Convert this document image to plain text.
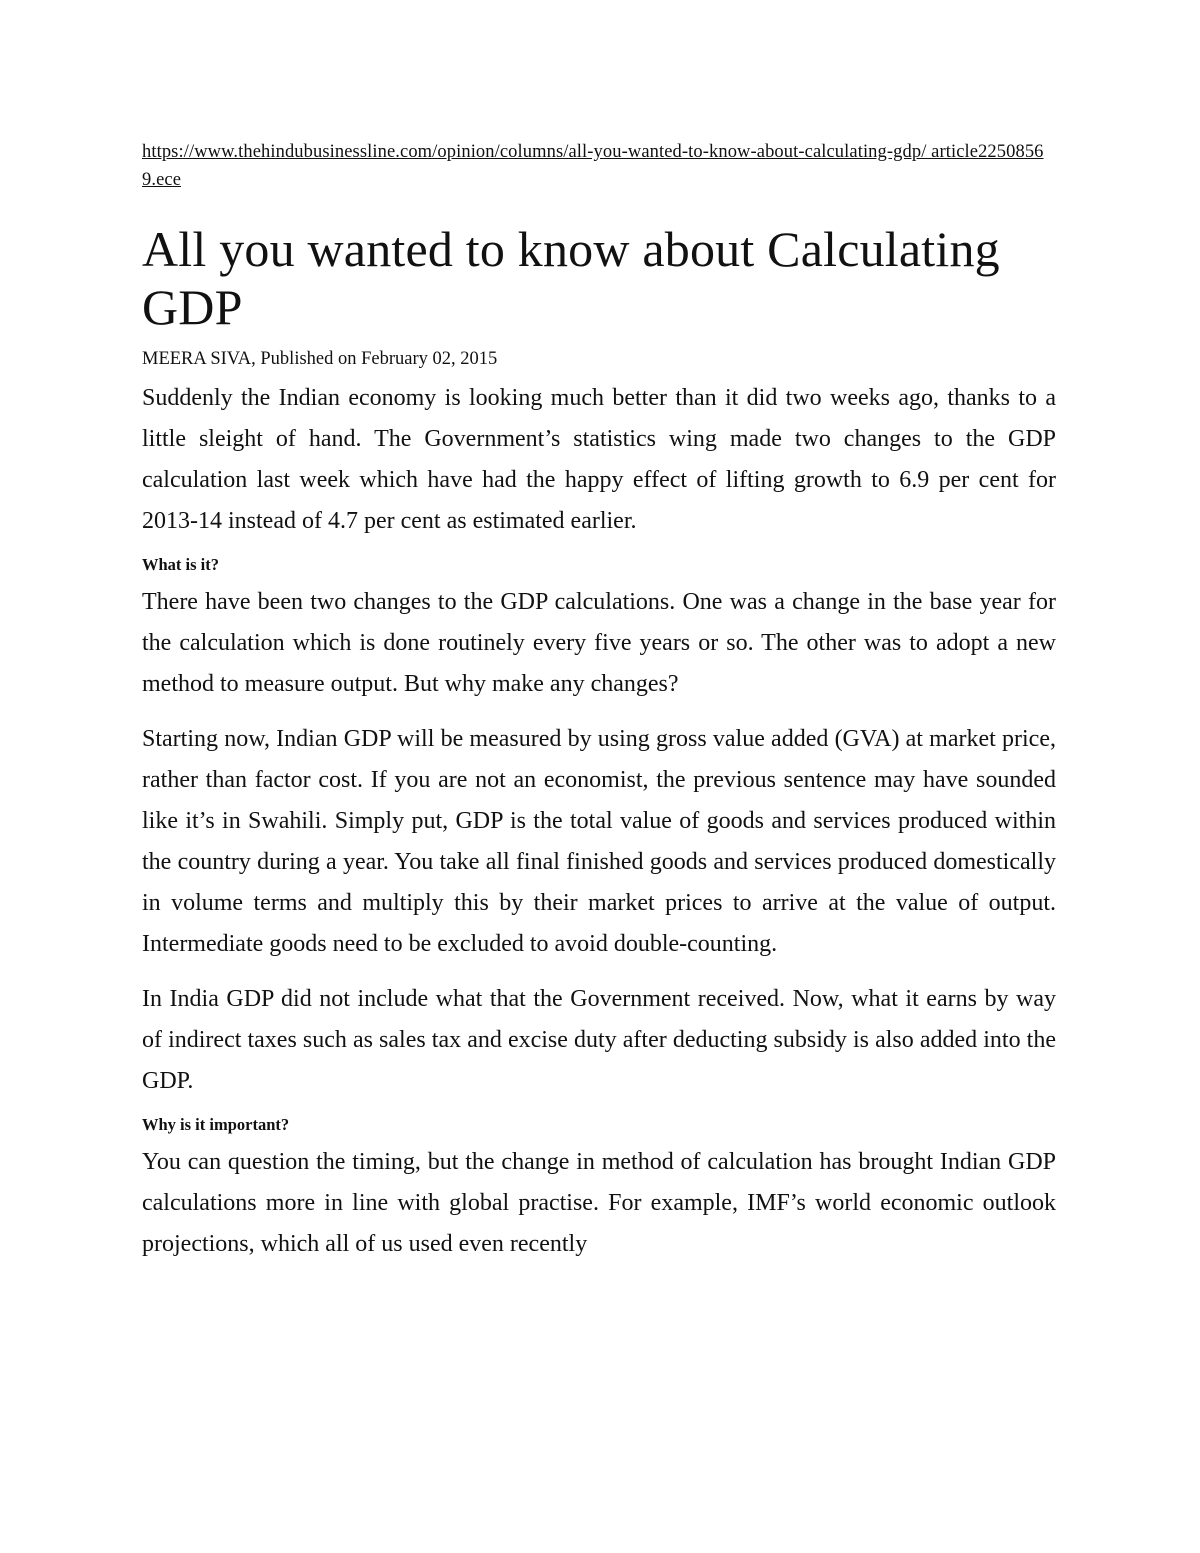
https://www.thehindubusinessline.com/opinion/columns/all-you-wanted-to-know-about-calculating-gdp/ article22508569.ece
All you wanted to know about Calculating GDP

MEERA SIVA, Published on February 02, 2015

Suddenly the Indian economy is looking much better than it did two weeks ago, thanks to a little sleight of hand. The Government’s statistics wing made two changes to the GDP calculation last week which have had the happy effect of lifting growth to 6.9 per cent for 2013-14 instead of 4.7 per cent as estimated earlier.

What is it?

There have been two changes to the GDP calculations. One was a change in the base year for the calculation which is done routinely every five years or so. The other was to adopt a new method to measure output. But why make any changes?

Starting now, Indian GDP will be measured by using gross value added (GVA) at market price, rather than factor cost. If you are not an economist, the previous sentence may have sounded like it’s in Swahili. Simply put, GDP is the total value of goods and services produced within the country during a year. You take all final finished goods and services produced domestically in volume terms and multiply this by their market prices to arrive at the value of output. Intermediate goods need to be excluded to avoid double-counting.

In India GDP did not include what that the Government received. Now, what it earns by way of indirect taxes such as sales tax and excise duty after deducting subsidy is also added into the GDP.

Why is it important?

You can question the timing, but the change in method of calculation has brought Indian GDP calculations more in line with global practise. For example, IMF’s world economic outlook projections, which all of us used even recently
